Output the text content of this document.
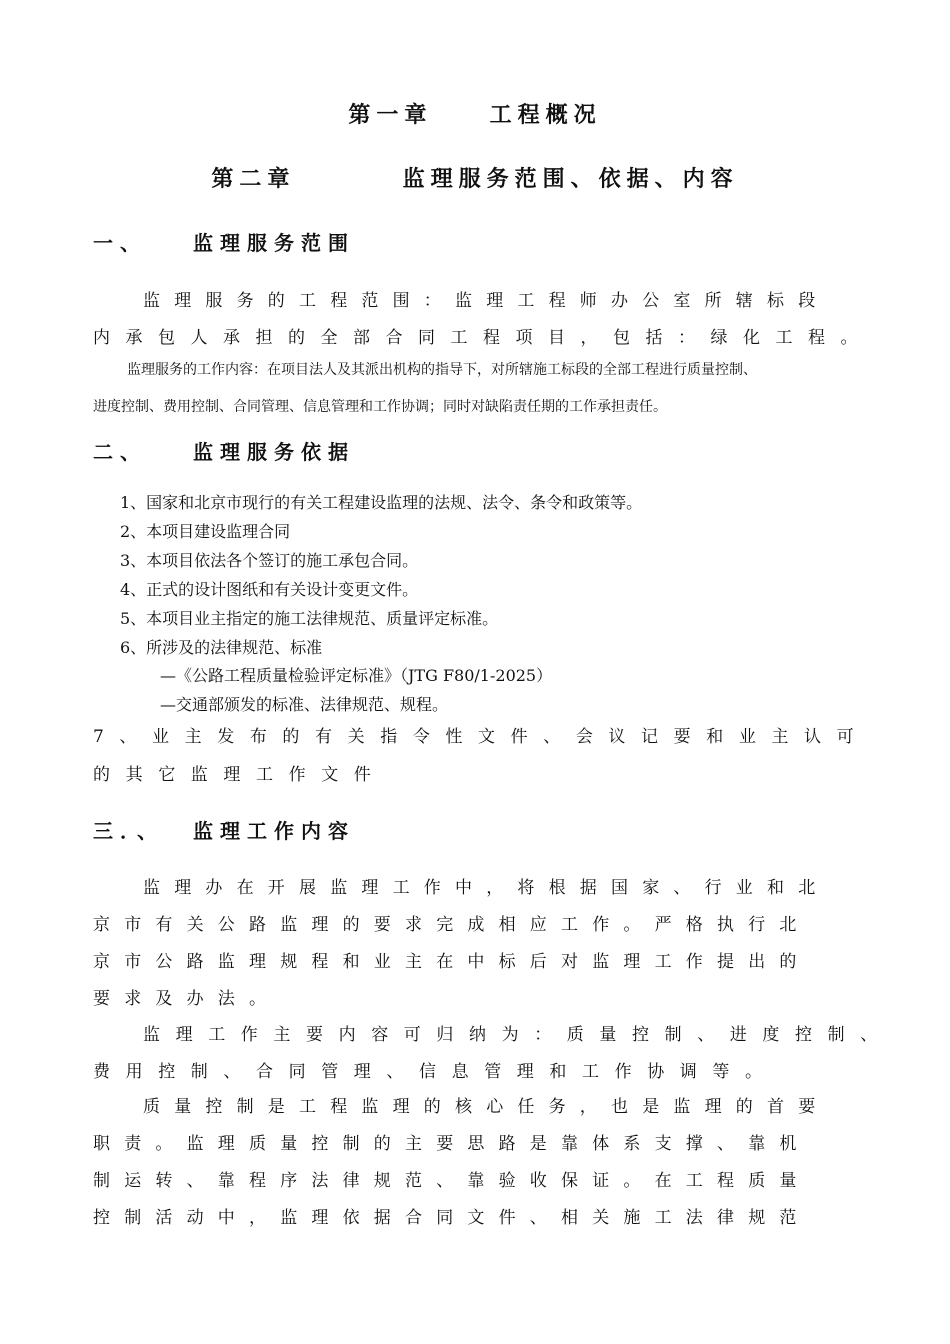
第一章	工程概况
第二章	监理服务范围、依据、内容
一、 监理服务范围
监理服务的工程范围：监理工程师办公室所辖标段
内承包人承担的全部合同工程项目，包括：绿化工程。
监理服务的工作内容：在项目法人及其派出机构的指导下，对所辖施工标段的全部工程进行质量控制、
进度控制、费用控制、合同管理、信息管理和工作协调；同时对缺陷责任期的工作承担责任。
二、 监理服务依据
1、国家和北京市现行的有关工程建设监理的法规、法令、条令和政策等。
2、本项目建设监理合同
3、本项目依法各个签订的施工承包合同。
4、正式的设计图纸和有关设计变更文件。
5、本项目业主指定的施工法律规范、质量评定标准。
6、所涉及的法律规范、标准
—《公路工程质量检验评定标准》（JTG F80/1-2025）
—交通部颁发的标准、法律规范、规程。
7、业主发布的有关指令性文件、会议记要和业主认可
的其它监理工作文件
三．、 监理工作内容
监理办在开展监理工作中，将根据国家、行业和北
京市有关公路监理的要求完成相应工作。严格执行北
京市公路监理规程和业主在中标后对监理工作提出的
要求及办法。
监理工作主要内容可归纳为：质量控制、进度控制、
费用控制、合同管理、信息管理和工作协调等。
质量控制是工程监理的核心任务，也是监理的首要
职责。监理质量控制的主要思路是靠体系支撑、靠机
制运转、靠程序法律规范、靠验收保证。在工程质量
控制活动中，监理依据合同文件、相关施工法律规范
